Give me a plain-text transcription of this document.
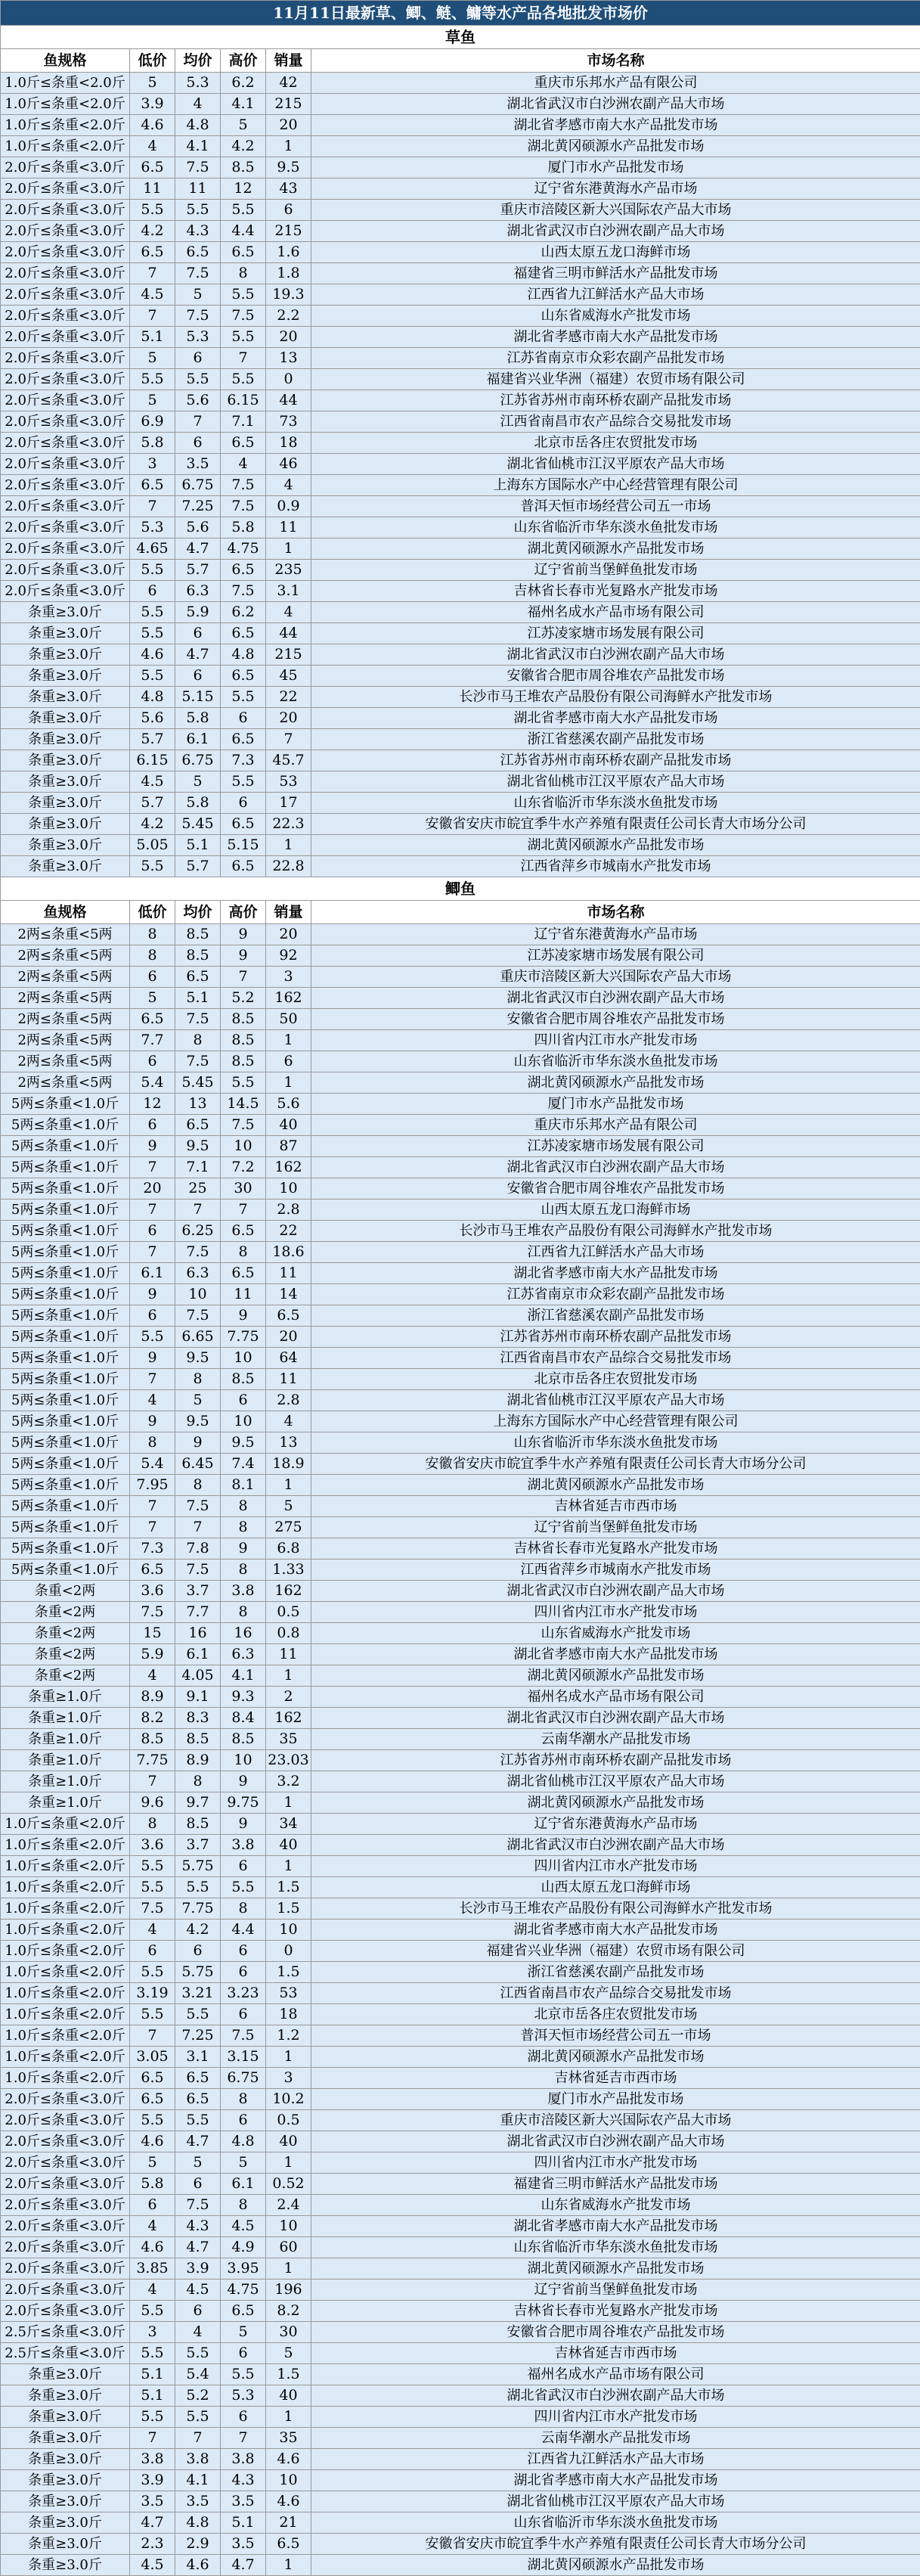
11月11日最新草、鲫、鲢、鳙等水产品各地批发市场价					
草鱼					
鱼规格	低价	均价	高价	销量	市场名称
1.0斤≤条重<2.0斤	5	5.3	6.2	42	重庆市乐邦水产品有限公司
1.0斤≤条重<2.0斤	3.9	4	4.1	215	湖北省武汉市白沙洲农副产品大市场
1.0斤≤条重<2.0斤	4.6	4.8	5	20	湖北省孝感市南大水产品批发市场
1.0斤≤条重<2.0斤	4	4.1	4.2	1	湖北黄冈硕源水产品批发市场
2.0斤≤条重<3.0斤	6.5	7.5	8.5	9.5	厦门市水产品批发市场
2.0斤≤条重<3.0斤	11	11	12	43	辽宁省东港黄海水产品市场
2.0斤≤条重<3.0斤	5.5	5.5	5.5	6	重庆市涪陵区新大兴国际农产品大市场
2.0斤≤条重<3.0斤	4.2	4.3	4.4	215	湖北省武汉市白沙洲农副产品大市场
2.0斤≤条重<3.0斤	6.5	6.5	6.5	1.6	山西太原五龙口海鲜市场
2.0斤≤条重<3.0斤	7	7.5	8	1.8	福建省三明市鲜活水产品批发市场
2.0斤≤条重<3.0斤	4.5	5	5.5	19.3	江西省九江鲜活水产品大市场
2.0斤≤条重<3.0斤	7	7.5	7.5	2.2	山东省威海水产批发市场
2.0斤≤条重<3.0斤	5.1	5.3	5.5	20	湖北省孝感市南大水产品批发市场
2.0斤≤条重<3.0斤	5	6	7	13	江苏省南京市众彩农副产品批发市场
2.0斤≤条重<3.0斤	5.5	5.5	5.5	0	福建省兴业华洲（福建）农贸市场有限公司
2.0斤≤条重<3.0斤	5	5.6	6.15	44	江苏省苏州市南环桥农副产品批发市场
2.0斤≤条重<3.0斤	6.9	7	7.1	73	江西省南昌市农产品综合交易批发市场
2.0斤≤条重<3.0斤	5.8	6	6.5	18	北京市岳各庄农贸批发市场
2.0斤≤条重<3.0斤	3	3.5	4	46	湖北省仙桃市江汉平原农产品大市场
2.0斤≤条重<3.0斤	6.5	6.75	7.5	4	上海东方国际水产中心经营管理有限公司
2.0斤≤条重<3.0斤	7	7.25	7.5	0.9	普洱天恒市场经营公司五一市场
2.0斤≤条重<3.0斤	5.3	5.6	5.8	11	山东省临沂市华东淡水鱼批发市场
2.0斤≤条重<3.0斤	4.65	4.7	4.75	1	湖北黄冈硕源水产品批发市场
2.0斤≤条重<3.0斤	5.5	5.7	6.5	235	辽宁省前当堡鲜鱼批发市场
2.0斤≤条重<3.0斤	6	6.3	7.5	3.1	吉林省长春市光复路水产批发市场
条重≥3.0斤	5.5	5.9	6.2	4	福州名成水产品市场有限公司
条重≥3.0斤	5.5	6	6.5	44	江苏凌家塘市场发展有限公司
条重≥3.0斤	4.6	4.7	4.8	215	湖北省武汉市白沙洲农副产品大市场
条重≥3.0斤	5.5	6	6.5	45	安徽省合肥市周谷堆农产品批发市场
条重≥3.0斤	4.8	5.15	5.5	22	长沙市马王堆农产品股份有限公司海鲜水产批发市场
条重≥3.0斤	5.6	5.8	6	20	湖北省孝感市南大水产品批发市场
条重≥3.0斤	5.7	6.1	6.5	7	浙江省慈溪农副产品批发市场
条重≥3.0斤	6.15	6.75	7.3	45.7	江苏省苏州市南环桥农副产品批发市场
条重≥3.0斤	4.5	5	5.5	53	湖北省仙桃市江汉平原农产品大市场
条重≥3.0斤	5.7	5.8	6	17	山东省临沂市华东淡水鱼批发市场
条重≥3.0斤	4.2	5.45	6.5	22.3	安徽省安庆市皖宜季牛水产养殖有限责任公司长青大市场分公司
条重≥3.0斤	5.05	5.1	5.15	1	湖北黄冈硕源水产品批发市场
条重≥3.0斤	5.5	5.7	6.5	22.8	江西省萍乡市城南水产批发市场
鲫鱼					
鱼规格	低价	均价	高价	销量	市场名称
2两≤条重<5两	8	8.5	9	20	辽宁省东港黄海水产品市场
2两≤条重<5两	8	8.5	9	92	江苏凌家塘市场发展有限公司
2两≤条重<5两	6	6.5	7	3	重庆市涪陵区新大兴国际农产品大市场
2两≤条重<5两	5	5.1	5.2	162	湖北省武汉市白沙洲农副产品大市场
2两≤条重<5两	6.5	7.5	8.5	50	安徽省合肥市周谷堆农产品批发市场
2两≤条重<5两	7.7	8	8.5	1	四川省内江市水产批发市场
2两≤条重<5两	6	7.5	8.5	6	山东省临沂市华东淡水鱼批发市场
2两≤条重<5两	5.4	5.45	5.5	1	湖北黄冈硕源水产品批发市场
5两≤条重<1.0斤	12	13	14.5	5.6	厦门市水产品批发市场
5两≤条重<1.0斤	6	6.5	7.5	40	重庆市乐邦水产品有限公司
5两≤条重<1.0斤	9	9.5	10	87	江苏凌家塘市场发展有限公司
5两≤条重<1.0斤	7	7.1	7.2	162	湖北省武汉市白沙洲农副产品大市场
5两≤条重<1.0斤	20	25	30	10	安徽省合肥市周谷堆农产品批发市场
5两≤条重<1.0斤	7	7	7	2.8	山西太原五龙口海鲜市场
5两≤条重<1.0斤	6	6.25	6.5	22	长沙市马王堆农产品股份有限公司海鲜水产批发市场
5两≤条重<1.0斤	7	7.5	8	18.6	江西省九江鲜活水产品大市场
5两≤条重<1.0斤	6.1	6.3	6.5	11	湖北省孝感市南大水产品批发市场
5两≤条重<1.0斤	9	10	11	14	江苏省南京市众彩农副产品批发市场
5两≤条重<1.0斤	6	7.5	9	6.5	浙江省慈溪农副产品批发市场
5两≤条重<1.0斤	5.5	6.65	7.75	20	江苏省苏州市南环桥农副产品批发市场
5两≤条重<1.0斤	9	9.5	10	64	江西省南昌市农产品综合交易批发市场
5两≤条重<1.0斤	7	8	8.5	11	北京市岳各庄农贸批发市场
5两≤条重<1.0斤	4	5	6	2.8	湖北省仙桃市江汉平原农产品大市场
5两≤条重<1.0斤	9	9.5	10	4	上海东方国际水产中心经营管理有限公司
5两≤条重<1.0斤	8	9	9.5	13	山东省临沂市华东淡水鱼批发市场
5两≤条重<1.0斤	5.4	6.45	7.4	18.9	安徽省安庆市皖宜季牛水产养殖有限责任公司长青大市场分公司
5两≤条重<1.0斤	7.95	8	8.1	1	湖北黄冈硕源水产品批发市场
5两≤条重<1.0斤	7	7.5	8	5	吉林省延吉市西市场
5两≤条重<1.0斤	7	7	8	275	辽宁省前当堡鲜鱼批发市场
5两≤条重<1.0斤	7.3	7.8	9	6.8	吉林省长春市光复路水产批发市场
5两≤条重<1.0斤	6.5	7.5	8	1.33	江西省萍乡市城南水产批发市场
条重<2两	3.6	3.7	3.8	162	湖北省武汉市白沙洲农副产品大市场
条重<2两	7.5	7.7	8	0.5	四川省内江市水产批发市场
条重<2两	15	16	16	0.8	山东省威海水产批发市场
条重<2两	5.9	6.1	6.3	11	湖北省孝感市南大水产品批发市场
条重<2两	4	4.05	4.1	1	湖北黄冈硕源水产品批发市场
条重≥1.0斤	8.9	9.1	9.3	2	福州名成水产品市场有限公司
条重≥1.0斤	8.2	8.3	8.4	162	湖北省武汉市白沙洲农副产品大市场
条重≥1.0斤	8.5	8.5	8.5	35	云南华潮水产品批发市场
条重≥1.0斤	7.75	8.9	10	23.03	江苏省苏州市南环桥农副产品批发市场
条重≥1.0斤	7	8	9	3.2	湖北省仙桃市江汉平原农产品大市场
条重≥1.0斤	9.6	9.7	9.75	1	湖北黄冈硕源水产品批发市场
1.0斤≤条重<2.0斤	8	8.5	9	34	辽宁省东港黄海水产品市场
1.0斤≤条重<2.0斤	3.6	3.7	3.8	40	湖北省武汉市白沙洲农副产品大市场
1.0斤≤条重<2.0斤	5.5	5.75	6	1	四川省内江市水产批发市场
1.0斤≤条重<2.0斤	5.5	5.5	5.5	1.5	山西太原五龙口海鲜市场
1.0斤≤条重<2.0斤	7.5	7.75	8	1.5	长沙市马王堆农产品股份有限公司海鲜水产批发市场
1.0斤≤条重<2.0斤	4	4.2	4.4	10	湖北省孝感市南大水产品批发市场
1.0斤≤条重<2.0斤	6	6	6	0	福建省兴业华洲（福建）农贸市场有限公司
1.0斤≤条重<2.0斤	5.5	5.75	6	1.5	浙江省慈溪农副产品批发市场
1.0斤≤条重<2.0斤	3.19	3.21	3.23	53	江西省南昌市农产品综合交易批发市场
1.0斤≤条重<2.0斤	5.5	5.5	6	18	北京市岳各庄农贸批发市场
1.0斤≤条重<2.0斤	7	7.25	7.5	1.2	普洱天恒市场经营公司五一市场
1.0斤≤条重<2.0斤	3.05	3.1	3.15	1	湖北黄冈硕源水产品批发市场
1.0斤≤条重<2.0斤	6.5	6.5	6.75	3	吉林省延吉市西市场
2.0斤≤条重<3.0斤	6.5	6.5	8	10.2	厦门市水产品批发市场
2.0斤≤条重<3.0斤	5.5	5.5	6	0.5	重庆市涪陵区新大兴国际农产品大市场
2.0斤≤条重<3.0斤	4.6	4.7	4.8	40	湖北省武汉市白沙洲农副产品大市场
2.0斤≤条重<3.0斤	5	5	5	1	四川省内江市水产批发市场
2.0斤≤条重<3.0斤	5.8	6	6.1	0.52	福建省三明市鲜活水产品批发市场
2.0斤≤条重<3.0斤	6	7.5	8	2.4	山东省威海水产批发市场
2.0斤≤条重<3.0斤	4	4.3	4.5	10	湖北省孝感市南大水产品批发市场
2.0斤≤条重<3.0斤	4.6	4.7	4.9	60	山东省临沂市华东淡水鱼批发市场
2.0斤≤条重<3.0斤	3.85	3.9	3.95	1	湖北黄冈硕源水产品批发市场
2.0斤≤条重<3.0斤	4	4.5	4.75	196	辽宁省前当堡鲜鱼批发市场
2.0斤≤条重<3.0斤	5.5	6	6.5	8.2	吉林省长春市光复路水产批发市场
2.5斤≤条重<3.0斤	3	4	5	30	安徽省合肥市周谷堆农产品批发市场
2.5斤≤条重<3.0斤	5.5	5.5	6	5	吉林省延吉市西市场
条重≥3.0斤	5.1	5.4	5.5	1.5	福州名成水产品市场有限公司
条重≥3.0斤	5.1	5.2	5.3	40	湖北省武汉市白沙洲农副产品大市场
条重≥3.0斤	5.5	5.5	6	1	四川省内江市水产批发市场
条重≥3.0斤	7	7	7	35	云南华潮水产品批发市场
条重≥3.0斤	3.8	3.8	3.8	4.6	江西省九江鲜活水产品大市场
条重≥3.0斤	3.9	4.1	4.3	10	湖北省孝感市南大水产品批发市场
条重≥3.0斤	3.5	3.5	3.5	4.6	湖北省仙桃市江汉平原农产品大市场
条重≥3.0斤	4.7	4.8	5.1	21	山东省临沂市华东淡水鱼批发市场
条重≥3.0斤	2.3	2.9	3.5	6.5	安徽省安庆市皖宜季牛水产养殖有限责任公司长青大市场分公司
条重≥3.0斤	4.5	4.6	4.7	1	湖北黄冈硕源水产品批发市场
